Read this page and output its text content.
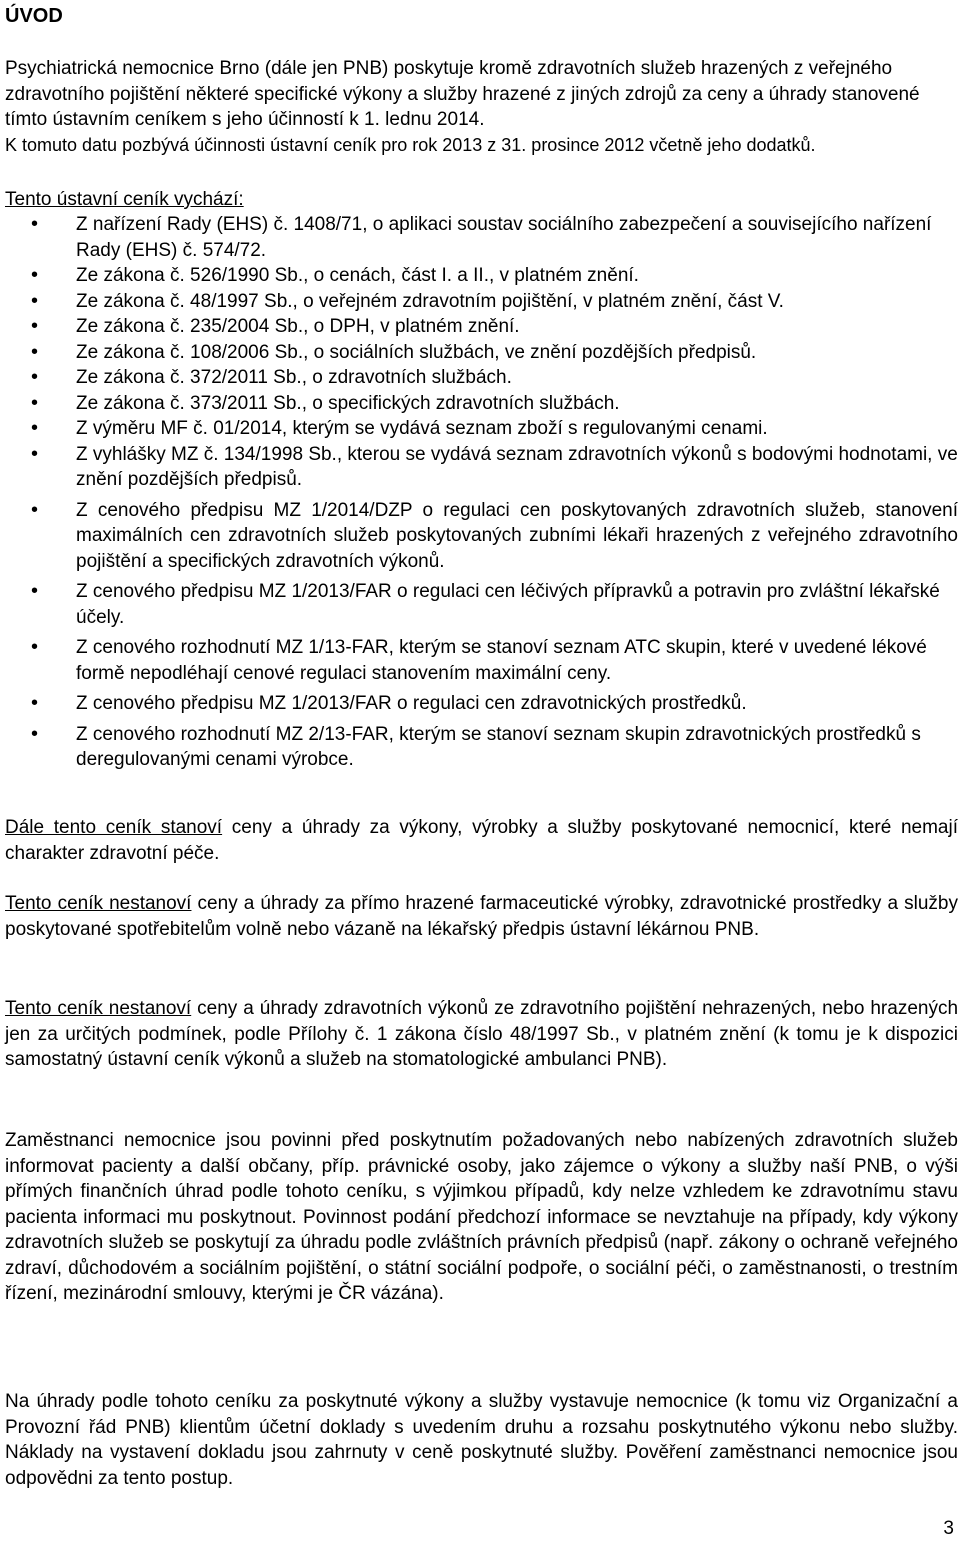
ÚVOD

Psychiatrická nemocnice Brno (dále jen PNB) poskytuje kromě zdravotních služeb hrazených z veřejného zdravotního pojištění některé specifické výkony a služby hrazené z jiných zdrojů za ceny a úhrady stanovené tímto ústavním ceníkem s jeho účinností k 1. lednu 2014.
K tomuto datu pozbývá účinnosti ústavní ceník pro rok 2013 z 31. prosince 2012 včetně jeho dodatků.

Tento ústavní ceník vychází:

• Z nařízení Rady (EHS) č. 1408/71, o aplikaci soustav sociálního zabezpečení a souvisejícího nařízení Rady (EHS) č. 574/72.
• Ze zákona č. 526/1990 Sb., o cenách, část I. a II., v platném znění.
• Ze zákona č. 48/1997 Sb., o veřejném zdravotním pojištění, v platném znění, část V.
• Ze zákona č. 235/2004 Sb., o DPH, v platném znění.
• Ze zákona č. 108/2006 Sb., o sociálních službách, ve znění pozdějších předpisů.
• Ze zákona č. 372/2011 Sb., o zdravotních službách.
• Ze zákona č. 373/2011 Sb., o specifických zdravotních službách.
• Z výměru MF č. 01/2014, kterým se vydává seznam zboží s regulovanými cenami.
• Z vyhlášky MZ č. 134/1998 Sb., kterou se vydává seznam zdravotních výkonů s bodovými hodnotami, ve znění pozdějších předpisů.
• Z cenového předpisu MZ 1/2014/DZP o regulaci cen poskytovaných zdravotních služeb, stanovení maximálních cen zdravotních služeb poskytovaných zubními lékaři hrazených z veřejného zdravotního pojištění a specifických zdravotních výkonů.
• Z cenového předpisu MZ 1/2013/FAR o regulaci cen léčivých přípravků a potravin pro zvláštní lékařské účely.
• Z cenového rozhodnutí MZ 1/13-FAR, kterým se stanoví seznam ATC skupin, které v uvedené lékové formě nepodléhají cenové regulaci stanovením maximální ceny.
• Z cenového předpisu MZ 1/2013/FAR o regulaci cen zdravotnických prostředků.
• Z cenového rozhodnutí MZ 2/13-FAR, kterým se stanoví seznam skupin zdravotnických prostředků s deregulovanými cenami výrobce.

Dále tento ceník stanoví ceny a úhrady za výkony, výrobky a služby poskytované nemocnicí, které nemají charakter zdravotní péče.

Tento ceník nestanoví ceny a úhrady za přímo hrazené farmaceutické výrobky, zdravotnické prostředky a služby poskytované spotřebitelům volně nebo vázaně na lékařský předpis ústavní lékárnou PNB.

Tento ceník nestanoví ceny a úhrady zdravotních výkonů ze zdravotního pojištění nehrazených, nebo hrazených jen za určitých podmínek, podle Přílohy č. 1 zákona číslo 48/1997 Sb., v platném znění (k tomu je k dispozici samostatný ústavní ceník výkonů a služeb na stomatologické ambulanci PNB).

Zaměstnanci nemocnice jsou povinni před poskytnutím požadovaných nebo nabízených zdravotních služeb informovat pacienty a další občany, příp. právnické osoby, jako zájemce o výkony a služby naší PNB, o výši přímých finančních úhrad podle tohoto ceníku, s výjimkou případů, kdy nelze vzhledem ke zdravotnímu stavu pacienta informaci mu poskytnout. Povinnost podání předchozí informace se nevztahuje na případy, kdy výkony zdravotních služeb se poskytují za úhradu podle zvláštních právních předpisů (např. zákony o ochraně veřejného zdraví, důchodovém a sociálním pojištění, o státní sociální podpoře, o sociální péči, o zaměstnanosti, o trestním řízení, mezinárodní smlouvy, kterými je ČR vázána).

Na úhrady podle tohoto ceníku za poskytnuté výkony a služby vystavuje nemocnice (k tomu viz Organizační a Provozní řád PNB) klientům účetní doklady s uvedením druhu a rozsahu poskytnutého výkonu nebo služby. Náklady na vystavení dokladu jsou zahrnuty v ceně poskytnuté služby. Pověření zaměstnanci nemocnice jsou odpovědni za tento postup.

3
